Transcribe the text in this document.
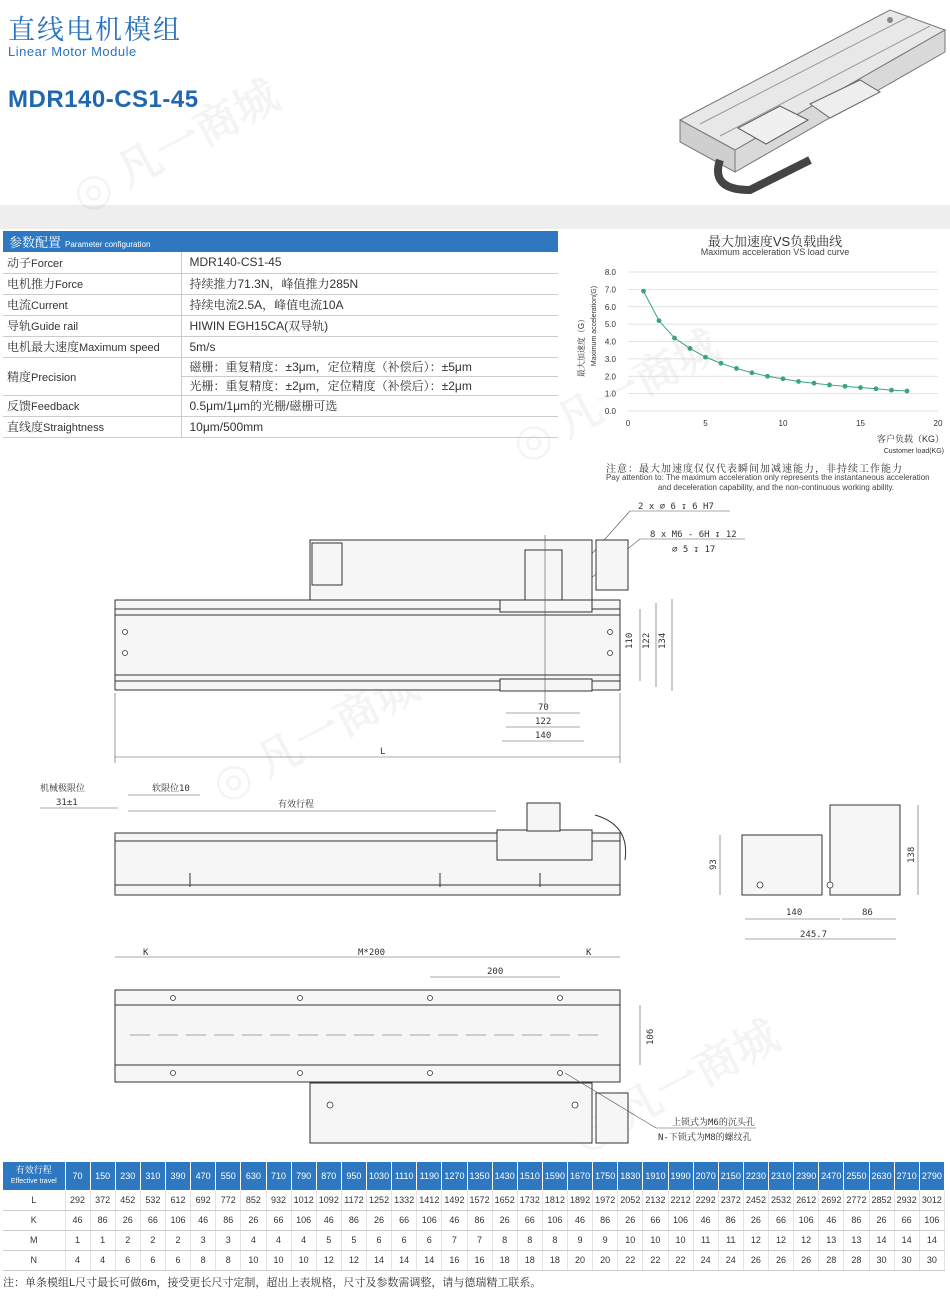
直线电机模组
Linear Motor Module
MDR140-CS1-45
参数配置 Parameter configuration	
动子Forcer	MDR140-CS1-45
电机推力Force	持续推力71.3N，峰值推力285N
电流Current	持续电流2.5A，峰值电流10A
导轨Guide rail	HIWIN EGH15CA(双导轨)
电机最大速度Maximum speed	5m/s
精度Precision	磁栅：重复精度：±3μm，定位精度（补偿后）：±5μm
	光栅：重复精度：±2μm，定位精度（补偿后）：±2μm
反馈Feedback	0.5μm/1μm的光栅/磁栅可选
直线度Straightness	10μm/500mm
最大加速度VS负载曲线
Maximum acceleration VS load curve
0.0
1.0
2.0
3.0
4.0
5.0
6.0
7.0
8.0
0	5	10	15	20
最大加速度（G） Maximum acceleration(G)
客户负载（KG）
Customer load(KG)
注意：最大加速度仅仅代表瞬间加减速能力，非持续工作能力
Pay attention to: The maximum acceleration only represents the instantaneous acceleration
and deceleration capability, and the non-continuous working ability.
2 x ∅ 6 ↧ 6 H7
8 x M6 - 6H ↧ 12
∅ 5 ↧ 17
110 122 134
70
122
140
L
机械极限位
31±1
软限位10
有效行程
93
138
140	86
245.7
K	M*200	K
200
106
上锁式为M6的沉头孔
N-下锁式为M8的螺纹孔
有效行程
Effective travel	70	150	230	310	390	470	550	630	710	790	870	950	1030	1110	1190	1270	1350	1430	1510	1590	1670	1750	1830	1910	1990	2070	2150	2230	2310	2390	2470	2550	2630	2710	2790
L	292	372	452	532	612	692	772	852	932	1012	1092	1172	1252	1332	1412	1492	1572	1652	1732	1812	1892	1972	2052	2132	2212	2292	2372	2452	2532	2612	2692	2772	2852	2932	3012
K	46	86	26	66	106	46	86	26	66	106	46	86	26	66	106	46	86	26	66	106	46	86	26	66	106	46	86	26	66	106	46	86	26	66	106
M	1	1	2	2	2	3	3	4	4	4	5	5	6	6	6	7	7	8	8	8	9	9	10	10	10	11	11	12	12	12	13	13	14	14	14
N	4	4	6	6	6	8	8	10	10	10	12	12	14	14	14	16	16	18	18	18	20	20	22	22	22	24	24	26	26	26	28	28	30	30	30
注：单条模组L尺寸最长可做6m，接受更长尺寸定制，超出上表规格，尺寸及参数需调整，请与德瑞精工联系。
